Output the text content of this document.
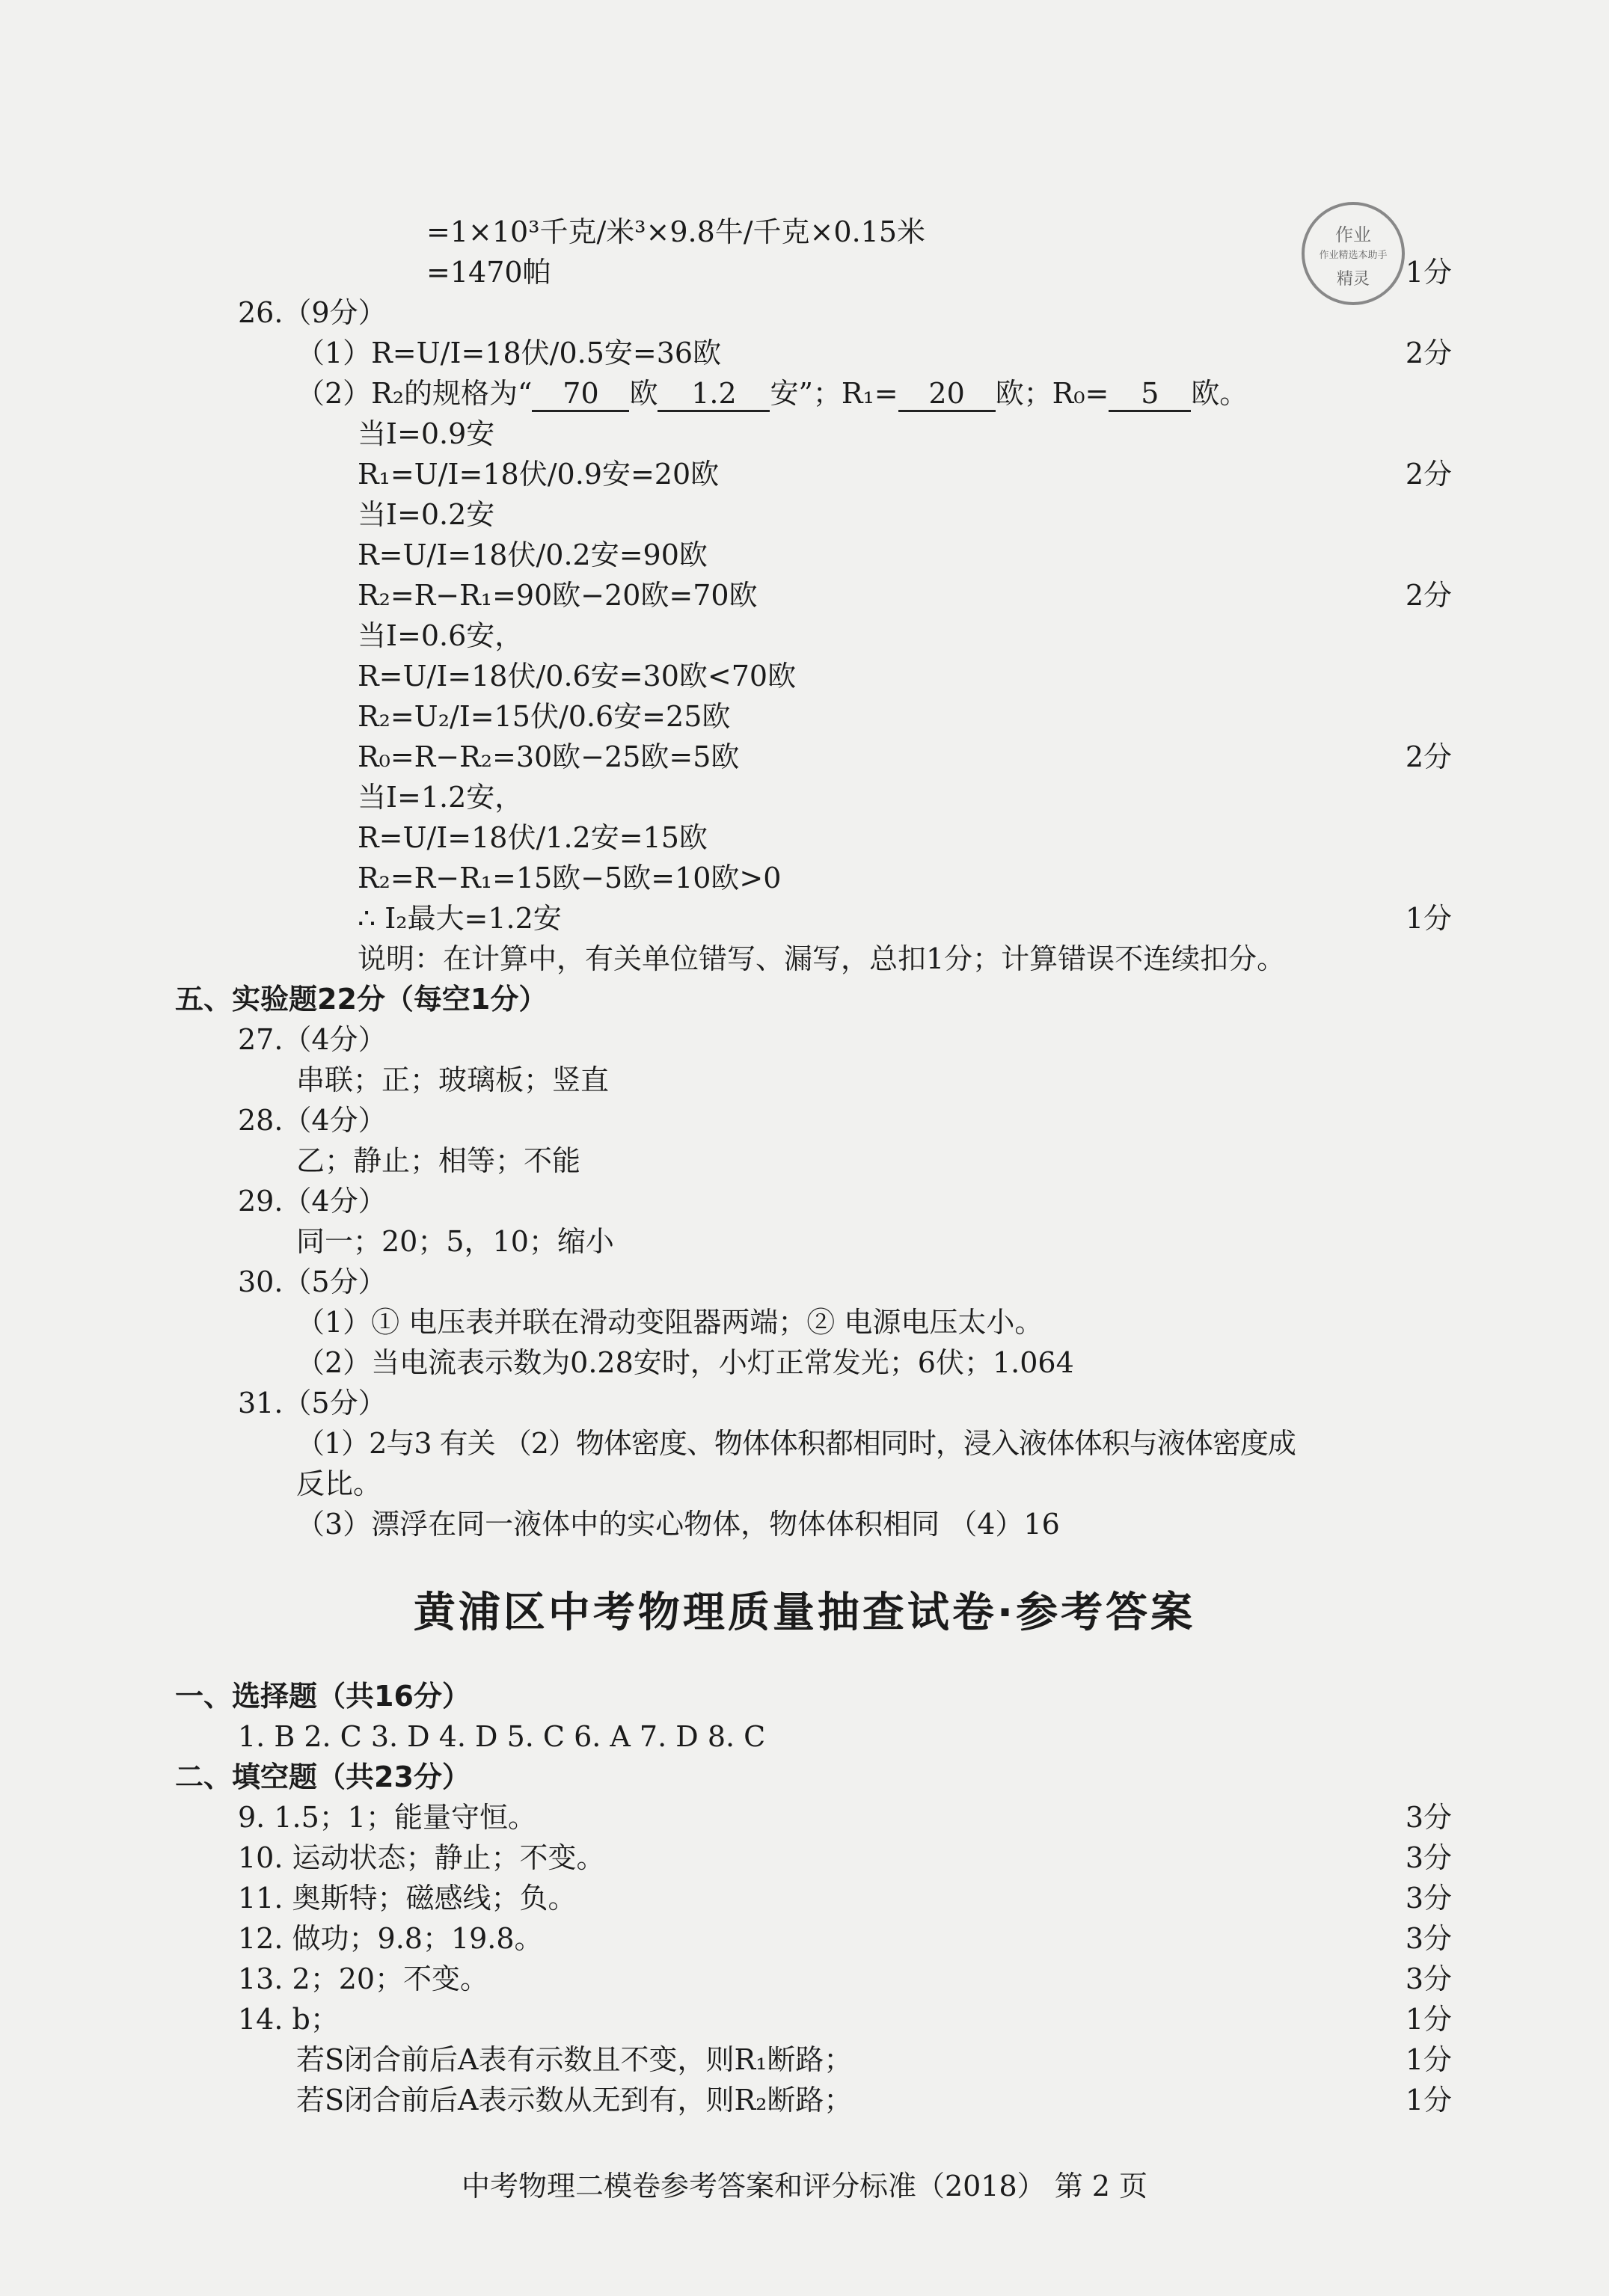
作业
作业精选本助手
精灵
=1×10³千克/米³×9.8牛/千克×0.15米
=1470帕	1分
26.（9分）
（1）R=U/I=18伏/0.5安=36欧	2分
（2）R₂的规格为“ 70 欧 1.2 安”；R₁= 20 欧；R₀= 5 欧。
当I=0.9安
R₁=U/I=18伏/0.9安=20欧	2分
当I=0.2安
R=U/I=18伏/0.2安=90欧
R₂=R−R₁=90欧−20欧=70欧	2分
当I=0.6安，
R=U/I=18伏/0.6安=30欧<70欧
R₂=U₂/I=15伏/0.6安=25欧
R₀=R−R₂=30欧−25欧=5欧	2分
当I=1.2安，
R=U/I=18伏/1.2安=15欧
R₂=R−R₁=15欧−5欧=10欧>0
∴ I₂最大=1.2安	1分
说明：在计算中，有关单位错写、漏写，总扣1分；计算错误不连续扣分。
五、实验题22分（每空1分）
27.（4分）
串联；正；玻璃板；竖直
28.（4分）
乙；静止；相等；不能
29.（4分）
同一；20；5，10；缩小
30.（5分）
（1）① 电压表并联在滑动变阻器两端；② 电源电压太小。
（2）当电流表示数为0.28安时，小灯正常发光；6伏；1.064
31.（5分）
（1）2与3 有关 （2）物体密度、物体体积都相同时，浸入液体体积与液体密度成
反比。
（3）漂浮在同一液体中的实心物体，物体体积相同 （4）16
黄浦区中考物理质量抽查试卷·参考答案
一、选择题（共16分）
1. B 2. C 3. D 4. D 5. C 6. A 7. D 8. C
二、填空题（共23分）
9. 1.5；1；能量守恒。	3分
10. 运动状态；静止；不变。	3分
11. 奥斯特；磁感线；负。	3分
12. 做功；9.8；19.8。	3分
13. 2；20；不变。	3分
14. b；	1分
若S闭合前后A表有示数且不变，则R₁断路；	1分
若S闭合前后A表示数从无到有，则R₂断路；	1分
中考物理二模卷参考答案和评分标准（2018） 第 2 页
